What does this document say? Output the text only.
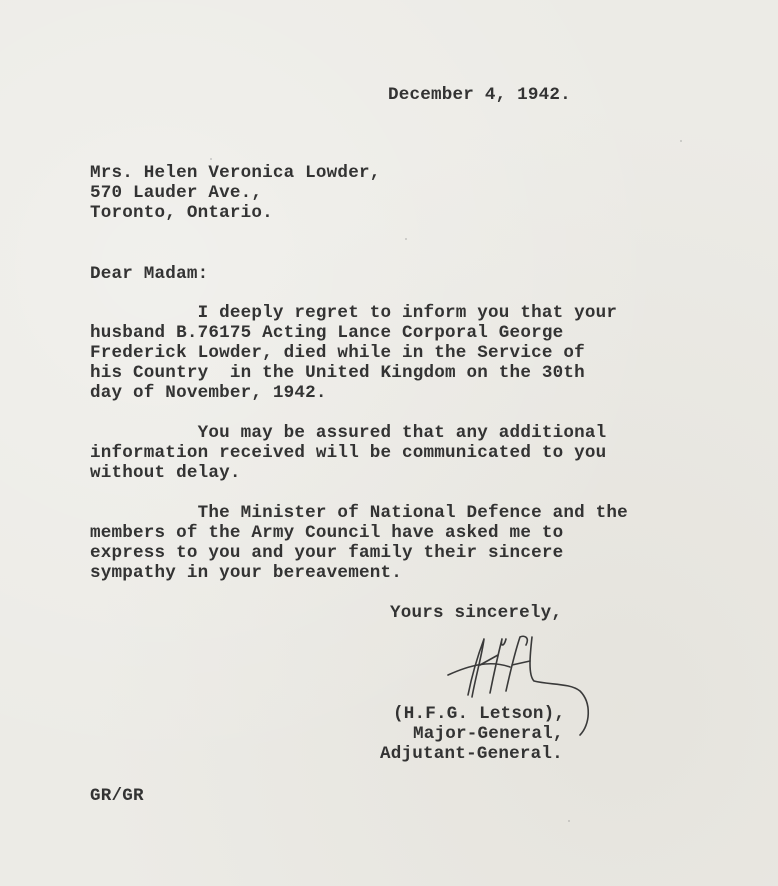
December 4, 1942.
Mrs. Helen Veronica Lowder,
570 Lauder Ave.,
Toronto, Ontario.
Dear Madam:
I deeply regret to inform you that your
husband B.76175 Acting Lance Corporal George
Frederick Lowder, died while in the Service of
his Country  in the United Kingdom on the 30th
day of November, 1942.
You may be assured that any additional
information received will be communicated to you
without delay.
The Minister of National Defence and the
members of the Army Council have asked me to
express to you and your family their sincere
sympathy in your bereavement.
Yours sincerely,
(H.F.G. Letson),
Major-General,
Adjutant-General.
GR/GR
